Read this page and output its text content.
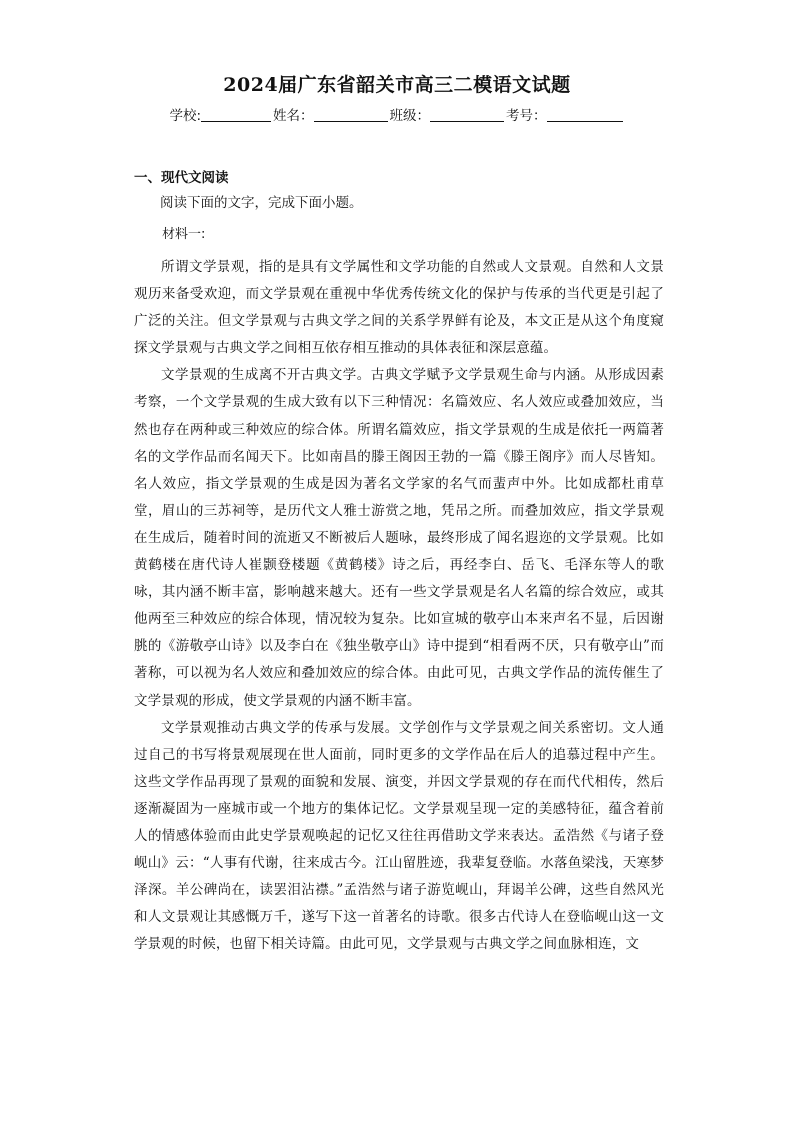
2024届广东省韶关市高三二模语文试题
学校:	姓名：	班级：	考号：
一、现代文阅读
阅读下面的文字，完成下面小题。
材料一:

所谓文学景观，指的是具有文学属性和文学功能的自然或人文景观。自然和人文景观历来备受欢迎，而文学景观在重视中华优秀传统文化的保护与传承的当代更是引起了广泛的关注。但文学景观与古典文学之间的关系学界鲜有论及，本文正是从这个角度窥探文学景观与古典文学之间相互依存相互推动的具体表征和深层意蕴。

文学景观的生成离不开古典文学。古典文学赋予文学景观生命与内涵。从形成因素考察，一个文学景观的生成大致有以下三种情况：名篇效应、名人效应或叠加效应，当然也存在两种或三种效应的综合体。所谓名篇效应，指文学景观的生成是依托一两篇著名的文学作品而名闻天下。比如南昌的滕王阁因王勃的一篇《滕王阁序》而人尽皆知。名人效应，指文学景观的生成是因为著名文学家的名气而蜚声中外。比如成都杜甫草堂，眉山的三苏祠等，是历代文人雅士游赏之地，凭吊之所。而叠加效应，指文学景观在生成后，随着时间的流逝又不断被后人题咏，最终形成了闻名遐迩的文学景观。比如黄鹤楼在唐代诗人崔颢登楼题《黄鹤楼》诗之后，再经李白、岳飞、毛泽东等人的歌咏，其内涵不断丰富，影响越来越大。还有一些文学景观是名人名篇的综合效应，或其他两至三种效应的综合体现，情况较为复杂。比如宣城的敬亭山本来声名不显，后因谢朓的《游敬亭山诗》以及李白在《独坐敬亭山》诗中提到“相看两不厌，只有敬亭山”而著称，可以视为名人效应和叠加效应的综合体。由此可见，古典文学作品的流传催生了文学景观的形成，使文学景观的内涵不断丰富。

文学景观推动古典文学的传承与发展。文学创作与文学景观之间关系密切。文人通过自己的书写将景观展现在世人面前，同时更多的文学作品在后人的追慕过程中产生。这些文学作品再现了景观的面貌和发展、演变，并因文学景观的存在而代代相传，然后逐渐凝固为一座城市或一个地方的集体记忆。文学景观呈现一定的美感特征，蕴含着前人的情感体验而由此史学景观唤起的记忆又往往再借助文学来表达。孟浩然《与诸子登岘山》云：“人事有代谢，往来成古今。江山留胜迹，我辈复登临。水落鱼梁浅，天寒梦泽深。羊公碑尚在，读罢泪沾襟。”孟浩然与诸子游览岘山，拜谒羊公碑，这些自然风光和人文景观让其感慨万千，遂写下这一首著名的诗歌。很多古代诗人在登临岘山这一文学景观的时候，也留下相关诗篇。由此可见，文学景观与古典文学之间血脉相连，文
